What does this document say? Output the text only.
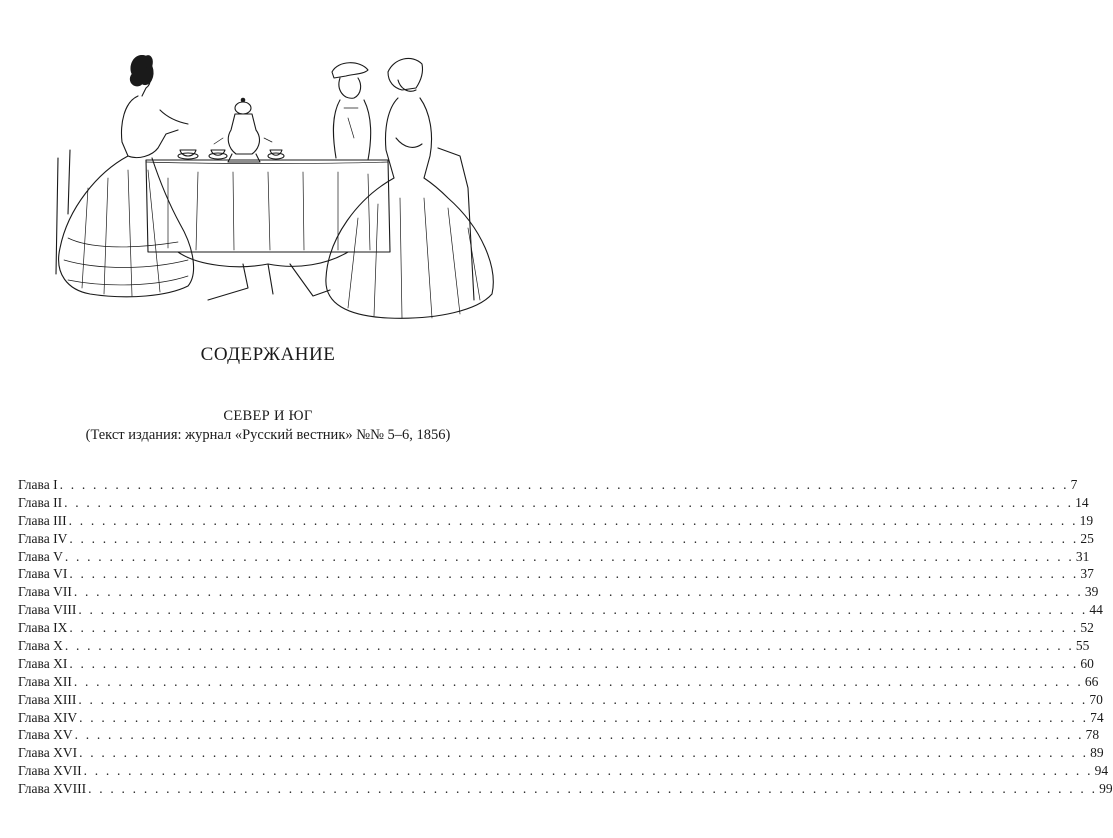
СОДЕРЖАНИЕ
СЕВЕР И ЮГ
(Текст издания: журнал «Русский вестник» №№ 5–6, 1856)
Глава I . . . . . . . . . . . . . . . . . . . . . . . . . . . . . . . . . . . . . . . . . . . . . . . . . . . . . . . . . . . . . . . . . . . . . . . . . . . . . . . . . . . . . . . . . . . 7
Глава II . . . . . . . . . . . . . . . . . . . . . . . . . . . . . . . . . . . . . . . . . . . . . . . . . . . . . . . . . . . . . . . . . . . . . . . . . . . . . . . . . . . . . . . . . . . 14
Глава III . . . . . . . . . . . . . . . . . . . . . . . . . . . . . . . . . . . . . . . . . . . . . . . . . . . . . . . . . . . . . . . . . . . . . . . . . . . . . . . . . . . . . . . . . . . 19
Глава IV . . . . . . . . . . . . . . . . . . . . . . . . . . . . . . . . . . . . . . . . . . . . . . . . . . . . . . . . . . . . . . . . . . . . . . . . . . . . . . . . . . . . . . . . . . . 25
Глава V . . . . . . . . . . . . . . . . . . . . . . . . . . . . . . . . . . . . . . . . . . . . . . . . . . . . . . . . . . . . . . . . . . . . . . . . . . . . . . . . . . . . . . . . . . . 31
Глава VI . . . . . . . . . . . . . . . . . . . . . . . . . . . . . . . . . . . . . . . . . . . . . . . . . . . . . . . . . . . . . . . . . . . . . . . . . . . . . . . . . . . . . . . . . . . 37
Глава VII . . . . . . . . . . . . . . . . . . . . . . . . . . . . . . . . . . . . . . . . . . . . . . . . . . . . . . . . . . . . . . . . . . . . . . . . . . . . . . . . . . . . . . . . . . . 39
Глава VIII . . . . . . . . . . . . . . . . . . . . . . . . . . . . . . . . . . . . . . . . . . . . . . . . . . . . . . . . . . . . . . . . . . . . . . . . . . . . . . . . . . . . . . . . . . . 44
Глава IX . . . . . . . . . . . . . . . . . . . . . . . . . . . . . . . . . . . . . . . . . . . . . . . . . . . . . . . . . . . . . . . . . . . . . . . . . . . . . . . . . . . . . . . . . . . 52
Глава X . . . . . . . . . . . . . . . . . . . . . . . . . . . . . . . . . . . . . . . . . . . . . . . . . . . . . . . . . . . . . . . . . . . . . . . . . . . . . . . . . . . . . . . . . . . 55
Глава XI . . . . . . . . . . . . . . . . . . . . . . . . . . . . . . . . . . . . . . . . . . . . . . . . . . . . . . . . . . . . . . . . . . . . . . . . . . . . . . . . . . . . . . . . . . . 60
Глава XII . . . . . . . . . . . . . . . . . . . . . . . . . . . . . . . . . . . . . . . . . . . . . . . . . . . . . . . . . . . . . . . . . . . . . . . . . . . . . . . . . . . . . . . . . . . 66
Глава XIII . . . . . . . . . . . . . . . . . . . . . . . . . . . . . . . . . . . . . . . . . . . . . . . . . . . . . . . . . . . . . . . . . . . . . . . . . . . . . . . . . . . . . . . . . . . 70
Глава XIV . . . . . . . . . . . . . . . . . . . . . . . . . . . . . . . . . . . . . . . . . . . . . . . . . . . . . . . . . . . . . . . . . . . . . . . . . . . . . . . . . . . . . . . . . . . 74
Глава XV . . . . . . . . . . . . . . . . . . . . . . . . . . . . . . . . . . . . . . . . . . . . . . . . . . . . . . . . . . . . . . . . . . . . . . . . . . . . . . . . . . . . . . . . . . . 78
Глава XVI . . . . . . . . . . . . . . . . . . . . . . . . . . . . . . . . . . . . . . . . . . . . . . . . . . . . . . . . . . . . . . . . . . . . . . . . . . . . . . . . . . . . . . . . . . . 89
Глава XVII . . . . . . . . . . . . . . . . . . . . . . . . . . . . . . . . . . . . . . . . . . . . . . . . . . . . . . . . . . . . . . . . . . . . . . . . . . . . . . . . . . . . . . . . . . . 94
Глава XVIII . . . . . . . . . . . . . . . . . . . . . . . . . . . . . . . . . . . . . . . . . . . . . . . . . . . . . . . . . . . . . . . . . . . . . . . . . . . . . . . . . . . . . . . . . . . 99
